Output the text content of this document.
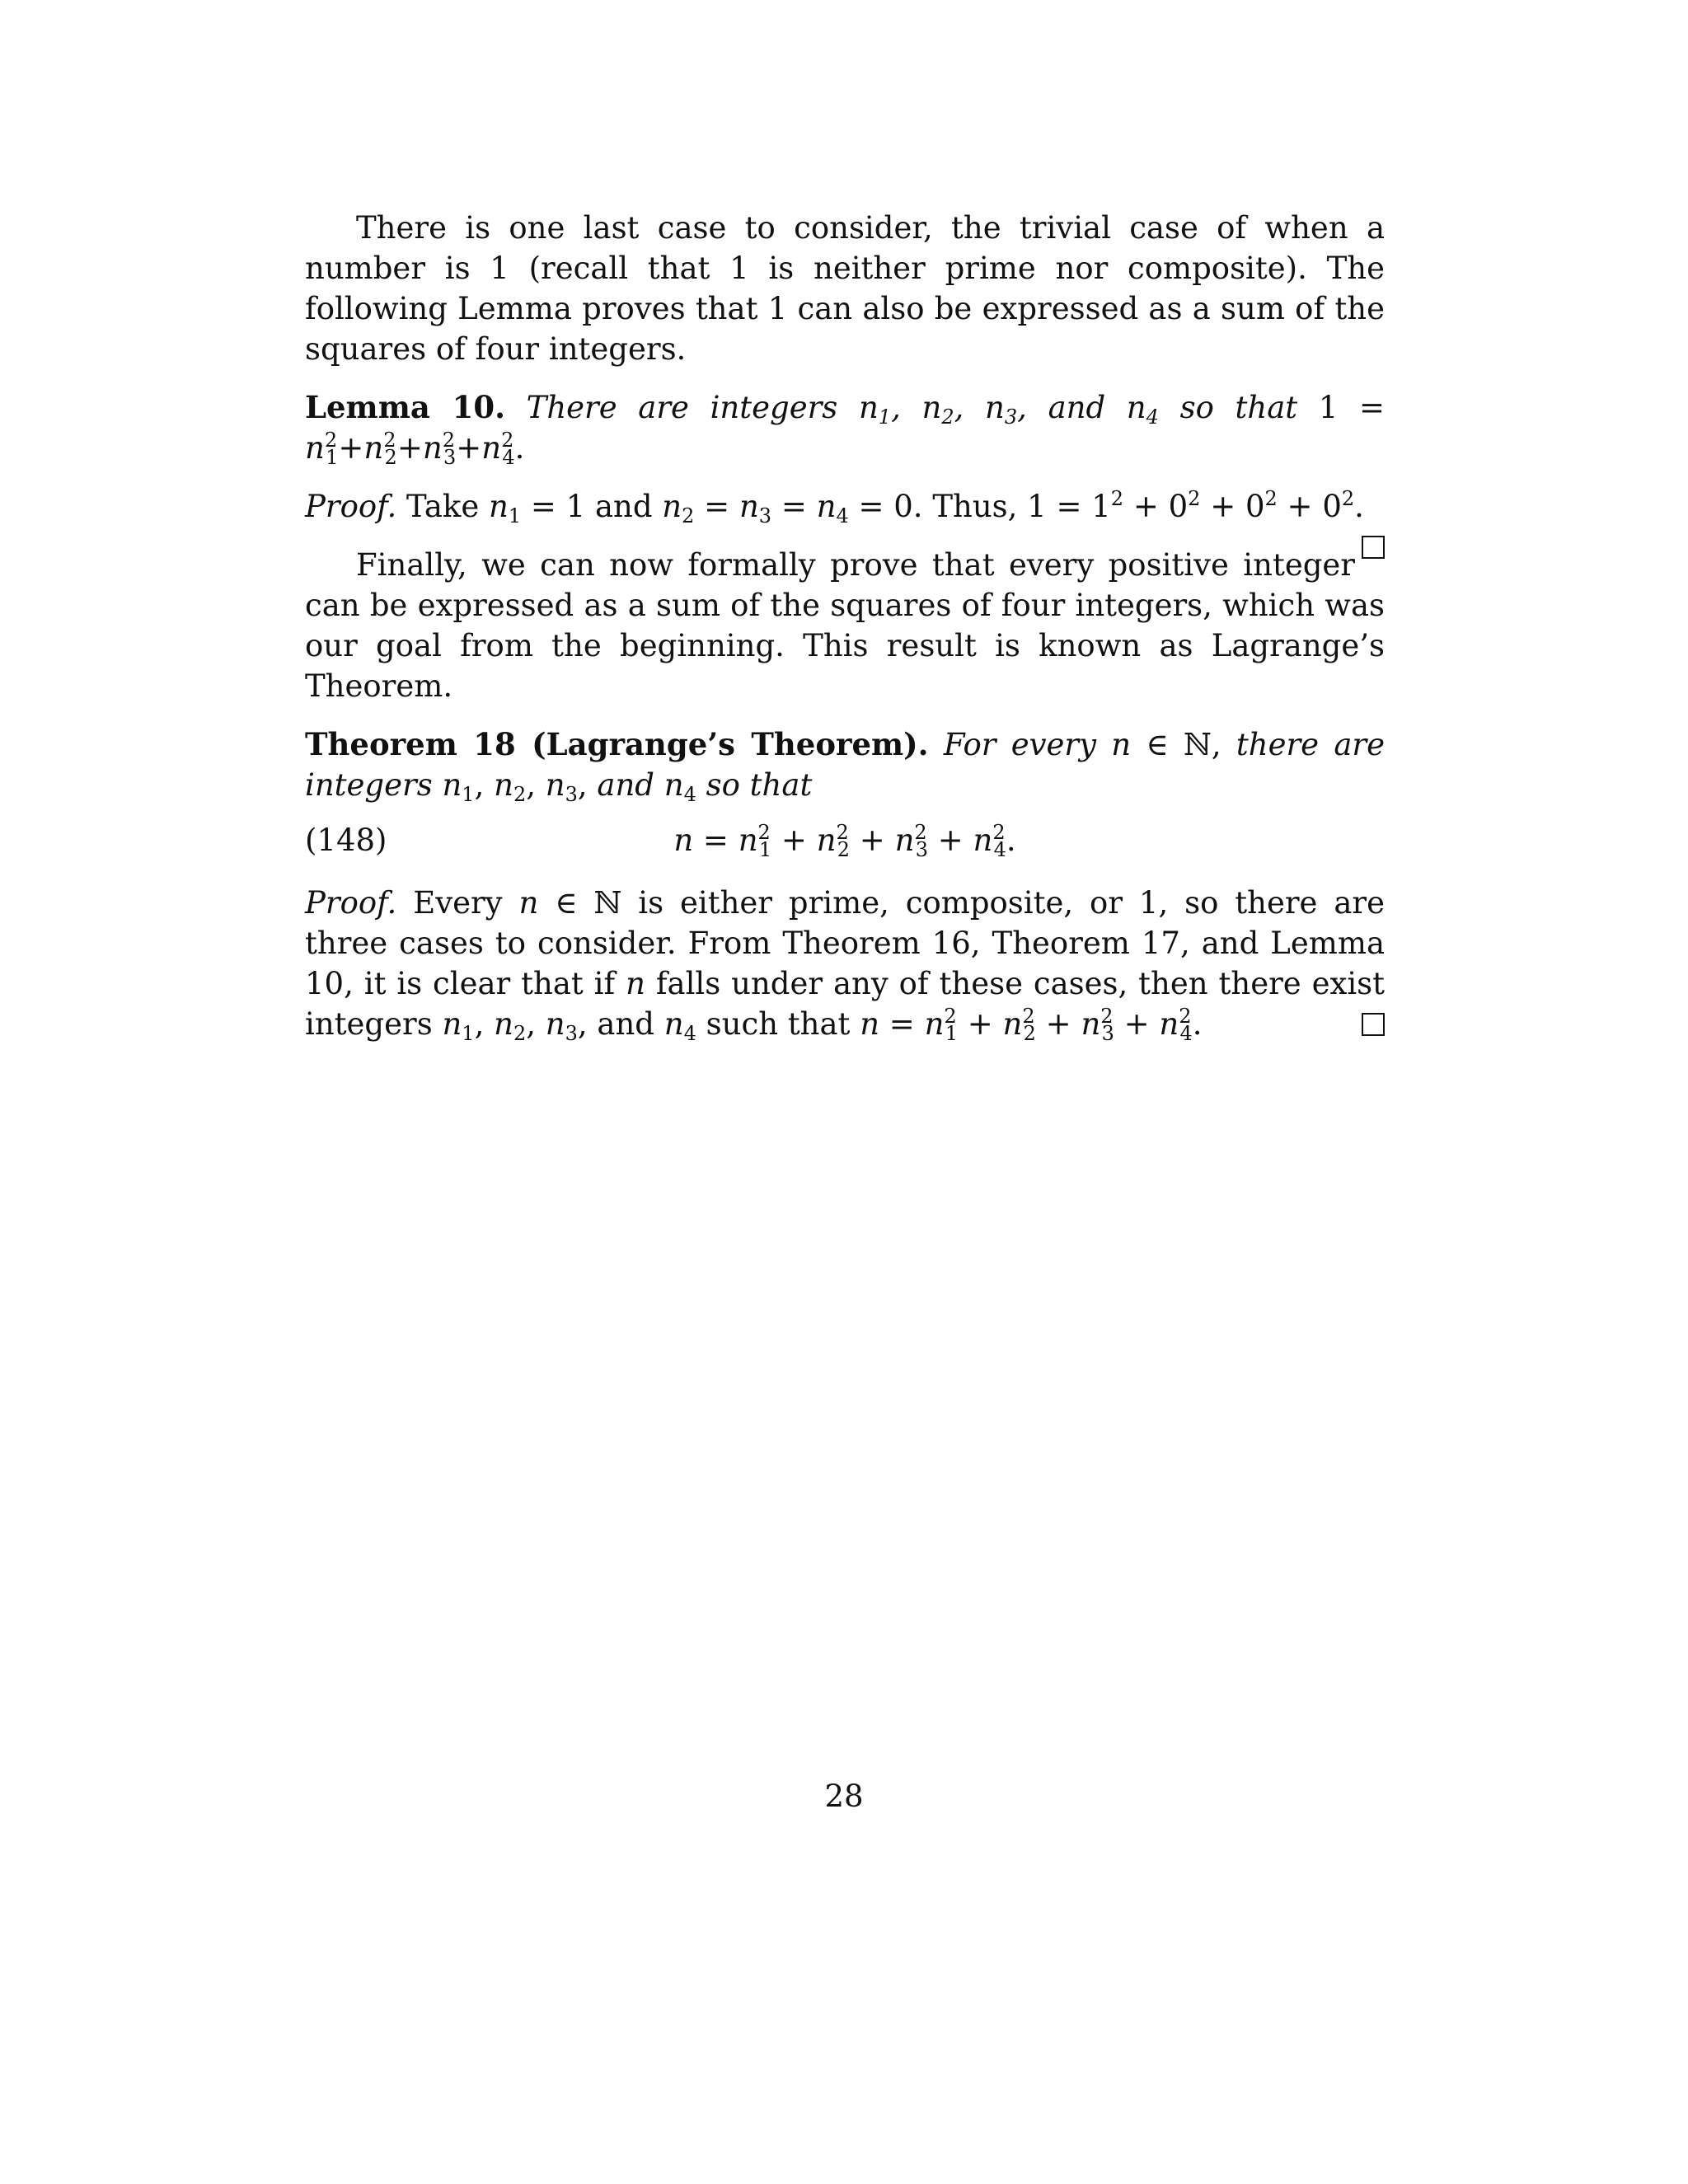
There is one last case to consider, the trivial case of when a number is 1 (recall that 1 is neither prime nor composite). The following Lemma proves that 1 can also be expressed as a sum of the squares of four integers.

Lemma 10. There are integers $n_1$, $n_2$, $n_3$, and $n_4$ so that $1 = n^2_1+n^2_2+n^2_3+n^2_4$.

Proof. Take $n_1 = 1$ and $n_2 = n_3 = n_4 = 0$. Thus, $1 = 1^2 + 0^2 + 0^2 + 0^2$.

Finally, we can now formally prove that every positive integer can be expressed as a sum of the squares of four integers, which was our goal from the beginning. This result is known as Lagrange’s Theorem.

Theorem 18 (Lagrange’s Theorem). For every n ∈ ℕ, there are integers $n_1$, $n_2$, $n_3$, and $n_4$ so that

(148)	$n = n^2_1 + n^2_2 + n^2_3 + n^2_4$.

Proof. Every n ∈ ℕ is either prime, composite, or 1, so there are three cases to consider. From Theorem 16, Theorem 17, and Lemma 10, it is clear that if n falls under any of these cases, then there exist integers $n_1$, $n_2$, $n_3$, and $n_4$ such that $n = n^2_1 + n^2_2 + n^2_3 + n^2_4$.

28
